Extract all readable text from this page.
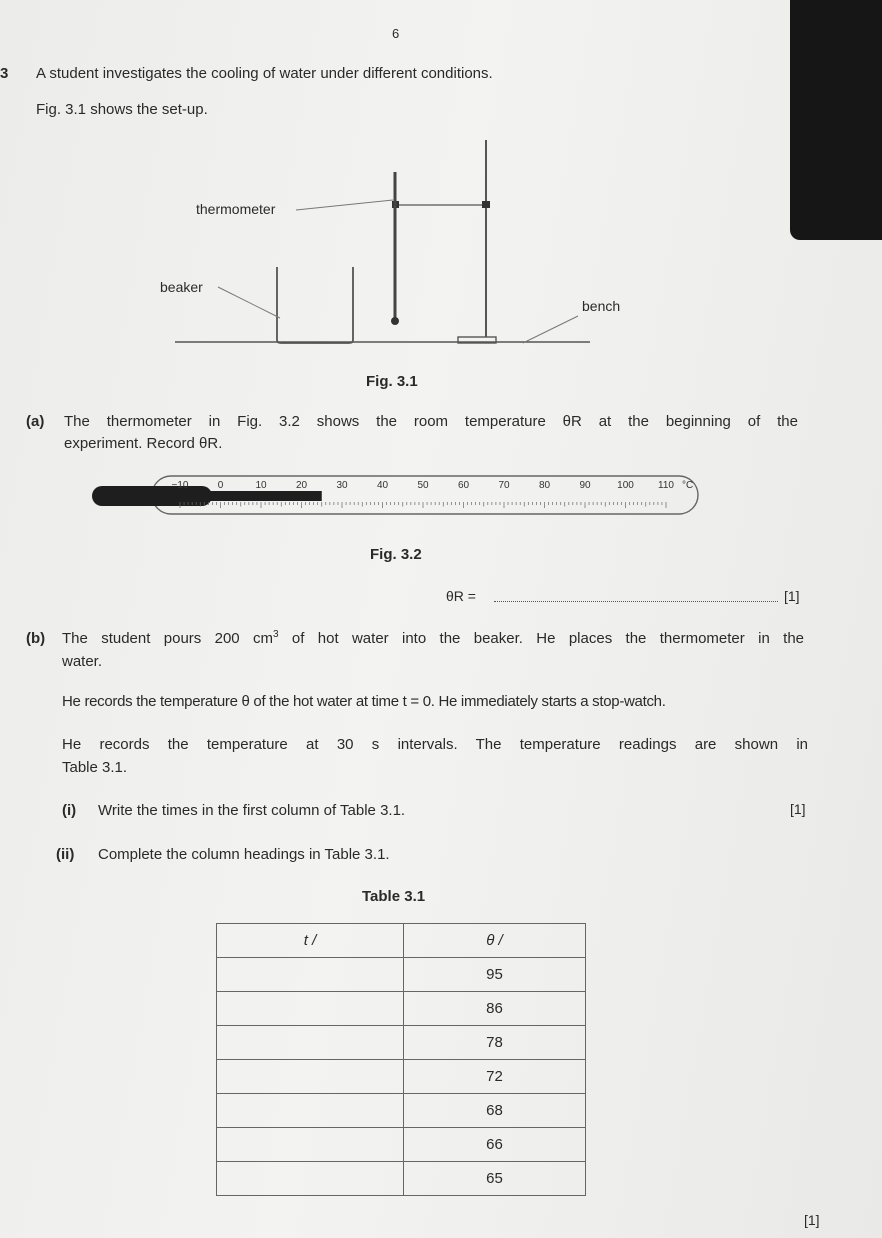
6
3 A student investigates the cooling of water under different conditions.
Fig. 3.1 shows the set-up.
thermometer
beaker
bench
Fig. 3.1
(a) The thermometer in Fig. 3.2 shows the room temperature θR at the beginning of the
experiment. Record θR.
−10	0	10	20	30	40	50	60	70	80	90	100 110 °C
Fig. 3.2
θR =	[1]
(b) The student pours 200 $cm^3$ of hot water into the beaker. He places the thermometer in the
water.
He records the temperature θ of the hot water at time t = 0. He immediately starts a stop-watch.
He records the temperature at 30 s intervals. The temperature readings are shown in
Table 3.1.
(i) Write the times in the first column of Table 3.1.	[1]
(ii) Complete the column headings in Table 3.1.
Table 3.1
t /	θ /
	95
	86
	78
	72
	68
	66
	65
[1]
